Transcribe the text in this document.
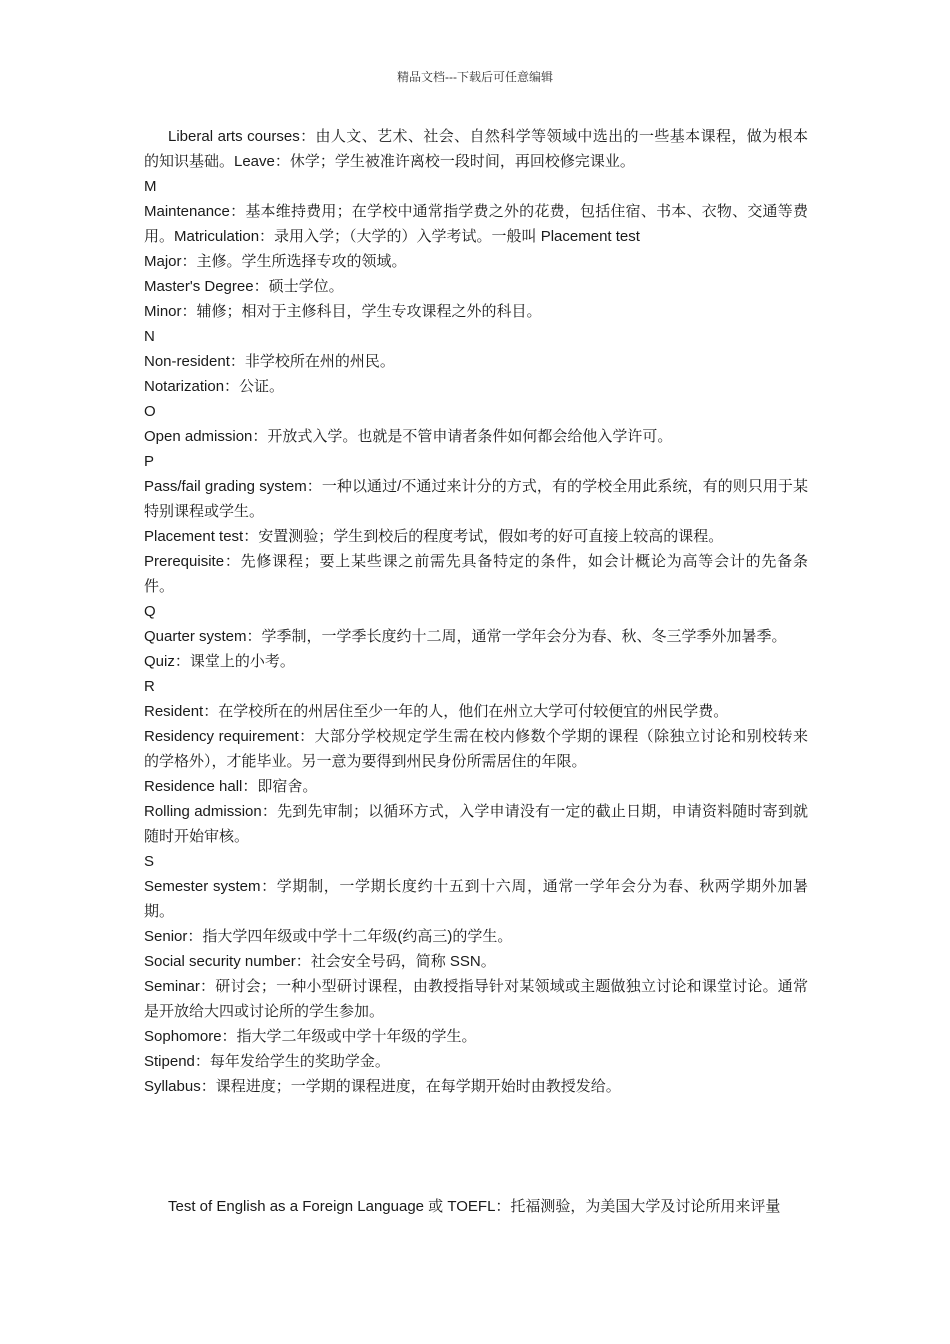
精品文档---下载后可任意编辑

Liberal arts courses：由人文、艺术、社会、自然科学等领域中选出的一些基本课程，做为根本的知识基础。Leave：休学；学生被准许离校一段时间，再回校修完课业。

M

Maintenance：基本维持费用；在学校中通常指学费之外的花费，包括住宿、书本、衣物、交通等费用。Matriculation：录用入学；（大学的）入学考试。一般叫 Placement test

Major：主修。学生所选择专攻的领域。

Master's Degree：硕士学位。

Minor：辅修；相对于主修科目，学生专攻课程之外的科目。

N

Non-resident：非学校所在州的州民。

Notarization：公证。

O

Open admission：开放式入学。也就是不管申请者条件如何都会给他入学许可。

P

Pass/fail grading system：一种以通过/不通过来计分的方式，有的学校全用此系统，有的则只用于某特别课程或学生。

Placement test：安置测验；学生到校后的程度考试，假如考的好可直接上较高的课程。

Prerequisite：先修课程；要上某些课之前需先具备特定的条件，如会计概论为高等会计的先备条件。

Q

Quarter system：学季制，一学季长度约十二周，通常一学年会分为春、秋、冬三学季外加暑季。

Quiz：课堂上的小考。

R

Resident：在学校所在的州居住至少一年的人，他们在州立大学可付较便宜的州民学费。

Residency requirement：大部分学校规定学生需在校内修数个学期的课程（除独立讨论和别校转来的学格外），才能毕业。另一意为要得到州民身份所需居住的年限。

Residence hall：即宿舍。

Rolling admission：先到先审制；以循环方式，入学申请没有一定的截止日期，申请资料随时寄到就随时开始审核。

S

Semester system：学期制，一学期长度约十五到十六周，通常一学年会分为春、秋两学期外加暑期。

Senior：指大学四年级或中学十二年级(约高三)的学生。

Social security number：社会安全号码，简称 SSN。

Seminar：研讨会；一种小型研讨课程，由教授指导针对某领域或主题做独立讨论和课堂讨论。通常是开放给大四或讨论所的学生参加。

Sophomore：指大学二年级或中学十年级的学生。

Stipend：每年发给学生的奖助学金。

Syllabus：课程进度；一学期的课程进度，在每学期开始时由教授发给。

Test of English as a Foreign Language 或 TOEFL：托福测验，为美国大学及讨论所用来评量
